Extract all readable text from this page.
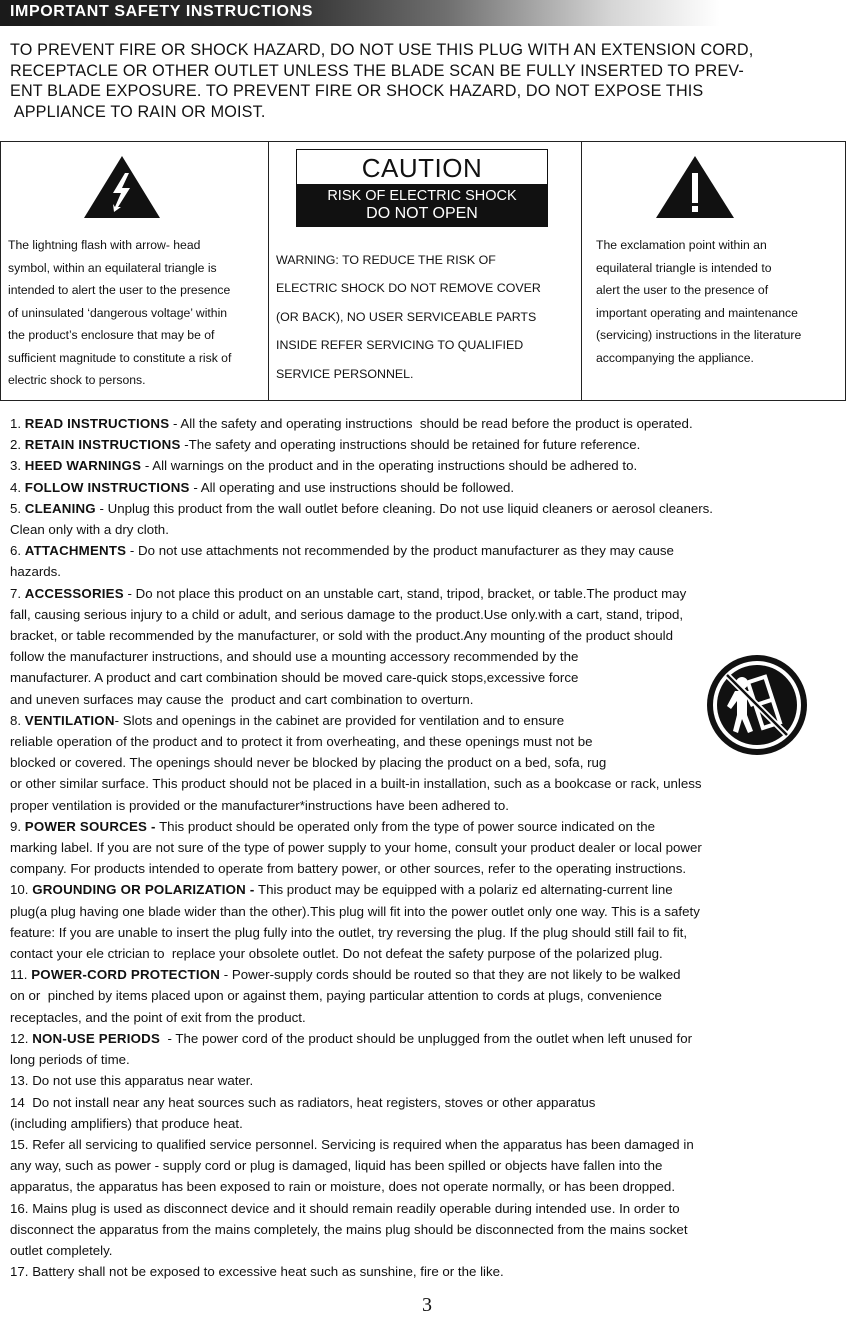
IMPORTANT SAFETY INSTRUCTIONS
TO PREVENT FIRE OR SHOCK HAZARD, DO NOT USE THIS PLUG WITH AN EXTENSION CORD,
RECEPTACLE OR OTHER OUTLET UNLESS THE BLADE SCAN BE FULLY INSERTED TO PREV-
ENT BLADE EXPOSURE. TO PREVENT FIRE OR SHOCK HAZARD, DO NOT EXPOSE THIS
APPLIANCE TO RAIN OR MOIST.
The lightning flash with arrow- head
symbol, within an equilateral triangle is
intended to alert the user to the presence
of uninsulated ‘dangerous voltage’ within
the product’s enclosure that may be of
sufficient magnitude to constitute a risk of
electric shock to persons.
CAUTION
RISK OF ELECTRIC SHOCK
DO NOT OPEN
WARNING: TO REDUCE THE RISK OF
ELECTRIC SHOCK DO NOT REMOVE COVER
(OR BACK), NO USER SERVICEABLE PARTS
INSIDE REFER SERVICING TO QUALIFIED
SERVICE PERSONNEL.
The exclamation point within an
equilateral triangle is intended to
alert the user to the presence of
important operating and maintenance
(servicing) instructions in the literature
accompanying the appliance.
1. READ INSTRUCTIONS - All the safety and operating instructions  should be read before the product is operated.
2. RETAIN INSTRUCTIONS -The safety and operating instructions should be retained for future reference.
3. HEED WARNINGS - All warnings on the product and in the operating instructions should be adhered to.
4. FOLLOW INSTRUCTIONS - All operating and use instructions should be followed.
5. CLEANING - Unplug this product from the wall outlet before cleaning. Do not use liquid cleaners or aerosol cleaners.
Clean only with a dry cloth.
6. ATTACHMENTS - Do not use attachments not recommended by the product manufacturer as they may cause
hazards.
7. ACCESSORIES - Do not place this product on an unstable cart, stand, tripod, bracket, or table.The product may
fall, causing serious injury to a child or adult, and serious damage to the product.Use only.with a cart, stand, tripod,
bracket, or table recommended by the manufacturer, or sold with the product.Any mounting of the product should
follow the manufacturer instructions, and should use a mounting accessory recommended by the
manufacturer. A product and cart combination should be moved care-quick stops,excessive force
and uneven surfaces may cause the  product and cart combination to overturn.
8. VENTILATION- Slots and openings in the cabinet are provided for ventilation and to ensure
reliable operation of the product and to protect it from overheating, and these openings must not be
blocked or covered. The openings should never be blocked by placing the product on a bed, sofa, rug
or other similar surface. This product should not be placed in a built-in installation, such as a bookcase or rack, unless
proper ventilation is provided or the manufacturer*instructions have been adhered to.
9. POWER SOURCES - This product should be operated only from the type of power source indicated on the
marking label. If you are not sure of the type of power supply to your home, consult your product dealer or local power
company. For products intended to operate from battery power, or other sources, refer to the operating instructions.
10. GROUNDING OR POLARIZATION - This product may be equipped with a polariz ed alternating-current line
plug(a plug having one blade wider than the other).This plug will fit into the power outlet only one way. This is a safety
feature: If you are unable to insert the plug fully into the outlet, try reversing the plug. If the plug should still fail to fit,
contact your ele ctrician to  replace your obsolete outlet. Do not defeat the safety purpose of the polarized plug.
11. POWER-CORD PROTECTION - Power-supply cords should be routed so that they are not likely to be walked
on or  pinched by items placed upon or against them, paying particular attention to cords at plugs, convenience
receptacles, and the point of exit from the product.
12. NON-USE PERIODS  - The power cord of the product should be unplugged from the outlet when left unused for
long periods of time.
13. Do not use this apparatus near water.
14  Do not install near any heat sources such as radiators, heat registers, stoves or other apparatus
(including amplifiers) that produce heat.
15. Refer all servicing to qualified service personnel. Servicing is required when the apparatus has been damaged in
any way, such as power - supply cord or plug is damaged, liquid has been spilled or objects have fallen into the
apparatus, the apparatus has been exposed to rain or moisture, does not operate normally, or has been dropped.
16. Mains plug is used as disconnect device and it should remain readily operable during intended use. In order to
disconnect the apparatus from the mains completely, the mains plug should be disconnected from the mains socket
outlet completely.
17. Battery shall not be exposed to excessive heat such as sunshine, fire or the like.
3
